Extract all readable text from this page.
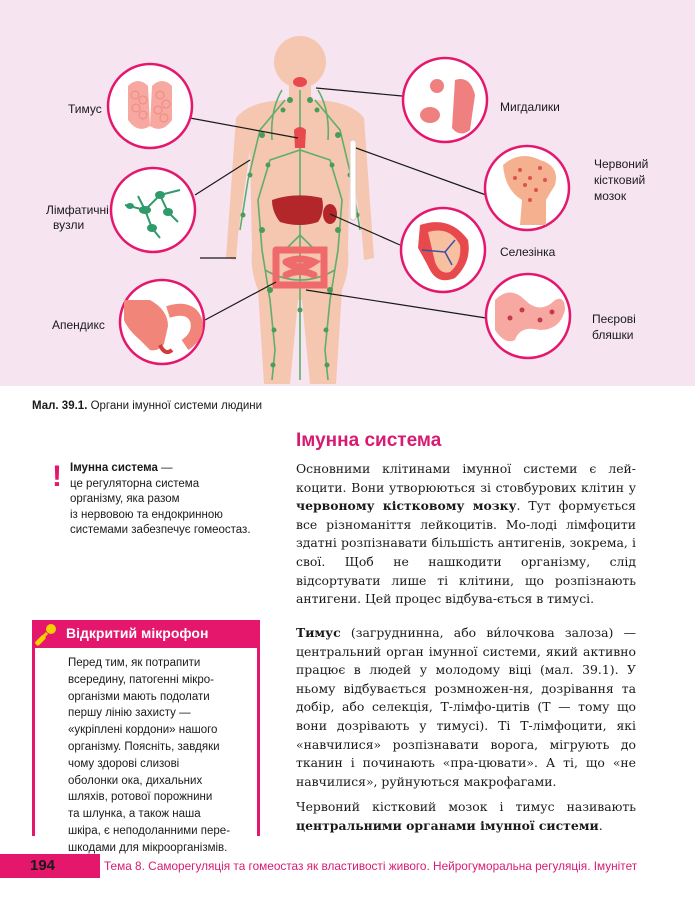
Тимус
Лімфатичні
вузли
Апендикс
Мигдалики
Червоний
кістковий
мозок
Селезінка
Пеєрові
бляшки
Мал. 39.1. Органи імунної системи людини
Імунна система
! Імунна система —
це регуляторна система
організму, яка разом
із нервовою та ендокринною
системами забезпечує гомеостаз.
Відкритий мікрофон
Перед тим, як потрапити
всередину, патогенні мікро-
організми мають подолати
першу лінію захисту —
«укріплені кордони» нашого
організму. Поясніть, завдяки
чому здорові слизові
оболонки ока, дихальних
шляхів, ротової порожнини
та шлунка, а також наша
шкіра, є неподоланними пере-
шкодами для мікроорганізмів.

Основними клітинами імунної системи є лей-коцити. Вони утворюються зі стовбурових клітин у червоному кістковому мозку. Тут формується все різноманіття лейкоцитів. Мо-лоді лімфоцити здатні розпізнавати більшість антигенів, зокрема, і свої. Щоб не нашкодити організму, слід відсортувати лише ті клітини, що розпізнають антигени. Цей процес відбува-ється в тимусі.

Тимус (загруднинна, або ви́лочкова залоза) — центральний орган імунної системи, який активно працює в людей у молодому віці (мал. 39.1). У ньому відбувається розмножен-ня, дозрівання та добір, або селекція, Т-лімфо-цитів (Т — тому що вони дозрівають у тимусі). Ті Т-лімфоцити, які «навчилися» розпізнавати ворога, мігрують до тканин і починають «пра-цювати». А ті, що «не навчилися», руйнуються макрофагами.

Червоний кістковий мозок і тимус називають центральними органами імунної системи.

194	Тема 8. Саморегуляція та гомеостаз як властивості живого. Нейрогуморальна регуляція. Імунітет
